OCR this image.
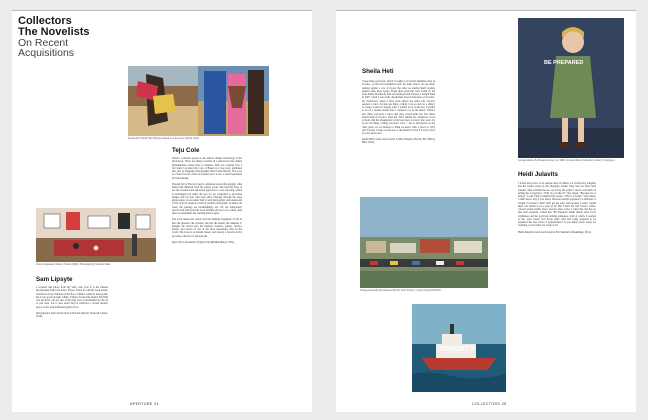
Collectors
The Novelists
On Recent Acquisitions
Spread from David Hare Harvey's based on a true story (Roma, 2012).
Teju Cole

There's a pleasure proper to the almost antique technology of the photobook. There are things possible in a photobook that digital dissemination cannot hope to emulate. That was certainly how I felt when I received my copy of Based on a true story, published this year by Magnum photographer David Alan Harvey. The book is a visual record of Rio de Janeiro but it is also a bold experiment in book making.

Though full of Harvey's justly celebrated street photography, what makes this different from his earlier books, like Divided Soul, is not the fractured and emotional approach to color shooting, which is unchanged, but rather the way we are compelled to encounter images side by side with each other. Flipping through the large matte pages, we encounter half of each photograph, and understand it first of all in relation to half of another photograph. In almost all cases, the pairings are breathtakingly apt. We can temporarily detach each print from the loose binding and see it as a whole. And then we reassemble the startling halves again.

The book makes the viewer feel the multiple fragments of life in Rio: the pleasure, the violence, the sun, the deaths, the darkness. It plunges the viewer into the markets, beaches, parties, favelas, homes, and streets of one of the most interesting cities in the world. The book is an instant classic, and already a favorite in my growing collection of photobooks.

Teju Cole is the author of Open City (Random House, 2011).

View at Saguenay Hamlet, Ontario (1952). Photograph by Carleton Watts
Sam Lipsyte

I acquired this photo from my wife, who took it at the famous photography festival in Arles, France. That's us with my back turned, and those are my children on the floor. I think I wanted a better print, but it was good enough, I think. It kind of looks like maybe Jeff Wall was involved. I'm not sure if the kids were overwhelmed by the art or just tired, but it does seem they've achieved a certain dreamy peace on the well-trafficked gallery floor.

Sam Lipsyte's most recent novel is The Ask (Farrar, Straus & Giroux, 2010).

APERTURE 24
Sheila Heti

I keep these postcards, which I bought at an artists' multiples shop in Toronto, on the tall bookshelves near my desk. One is on one shelf, leaning against a row of books; the other on another shelf, leaning against some more books. These three postcards were found by the artist Sandy Plotnikoff, then left stamped with Toronto. I bought them in 2007, when I was really dissatisfied about living here, in Toronto, my hometown, where I have been almost my entire life. Toronto seemed to me to be just one thing, a thing I was so sick of, a thing I no longer wanted to engage with. I wanted to be on the sea. I wanted to be on a double-decker bus! I wanted to be in the desert. When I saw these postcards, I knew that they would make me feel better about being in Toronto. They did. They remind me, whenever I look at them, that the imagination is the best place to travel; that your city is not one thing; a thing you know well — but as mysterious as any other place, it's an illusion to think we know what a place is. Why isn't Toronto a barge on the sea, or the Rainbow? Don't it every place in every place else.

Sheila Heti's most recent novel is How Should a Person Be? (Henry Holt, 2012).

BE PREPARED
George Adams, Be Prepared poster, ca. 1969. Courtesy Robert Collection, Library of Congress
Heidi Julavits

I found this poster at an antique shop in Maine. I'd strolled my daughter and her friend along on my shopping errand. They had not fully been amused. They watched me see, set in hay the poster. I tried to sell them on selling me as buying it. "Why do you like it?" they asked. "Because it's so funny?" I said. They scrutinized the poster. "Why is it funny?" they asked. I didn't know why it was funny. Because teenage pregnancy is hilarious? I bought it because I didn't fully get the joke, and because I wasn't certain there was meant to be a joke at all. But I liked the Girl Scout's coffee-colored patent-leather shoes and her knee socks. I liked that she has no idea she's pregnant. I liked that "Be Prepared" might simply refer to her stylishness and her psychotic smiling gameness, both of which, it seemed to me, were classic Girl Scout traits. And isn't being prepared to be surprised the best form of preparedness? If you think you're ready for anything, you're really not ready at all.

Heidi Julavits's most recent novel is The Vanishers (Doubleday, 2012).

Vintage postcards hot stamped with the word Toronto, by artist Sandy Plotnikoff
TORONTO
COLLECTORS 25
